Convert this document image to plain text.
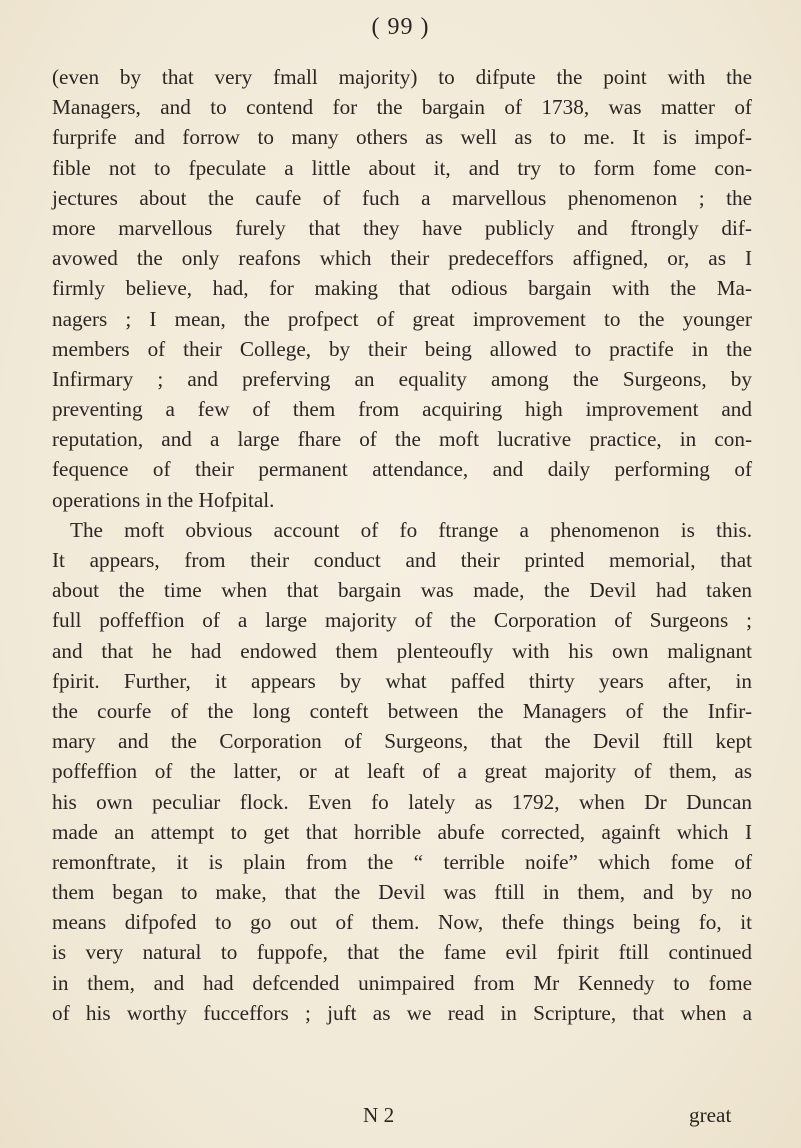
( 99 )
(even by that very fmall majority) to difpute the point with the
Managers, and to contend for the bargain of 1738, was matter of
furprife and forrow to many others as well as to me. It is impof-
fible not to fpeculate a little about it, and try to form fome con-
jectures about the caufe of fuch a marvellous phenomenon ; the
more marvellous furely that they have publicly and ftrongly dif-
avowed the only reafons which their predeceffors affigned, or, as I
firmly believe, had, for making that odious bargain with the Ma-
nagers ; I mean, the profpect of great improvement to the younger
members of their College, by their being allowed to practife in the
Infirmary ; and preferving an equality among the Surgeons, by
preventing a few of them from acquiring high improvement and
reputation, and a large fhare of the moft lucrative practice, in con-
fequence of their permanent attendance, and daily performing of
operations in the Hofpital.
The moft obvious account of fo ftrange a phenomenon is this.
It appears, from their conduct and their printed memorial, that
about the time when that bargain was made, the Devil had taken
full poffeffion of a large majority of the Corporation of Surgeons ;
and that he had endowed them plenteoufly with his own malignant
fpirit. Further, it appears by what paffed thirty years after, in
the courfe of the long conteft between the Managers of the Infir-
mary and the Corporation of Surgeons, that the Devil ftill kept
poffeffion of the latter, or at leaft of a great majority of them, as
his own peculiar flock. Even fo lately as 1792, when Dr Duncan
made an attempt to get that horrible abufe corrected, againft which I
remonftrate, it is plain from the “ terrible noife” which fome of
them began to make, that the Devil was ftill in them, and by no
means difpofed to go out of them. Now, thefe things being fo, it
is very natural to fuppofe, that the fame evil fpirit ftill continued
in them, and had defcended unimpaired from Mr Kennedy to fome
of his worthy fucceffors ; juft as we read in Scripture, that when a
N 2	great
